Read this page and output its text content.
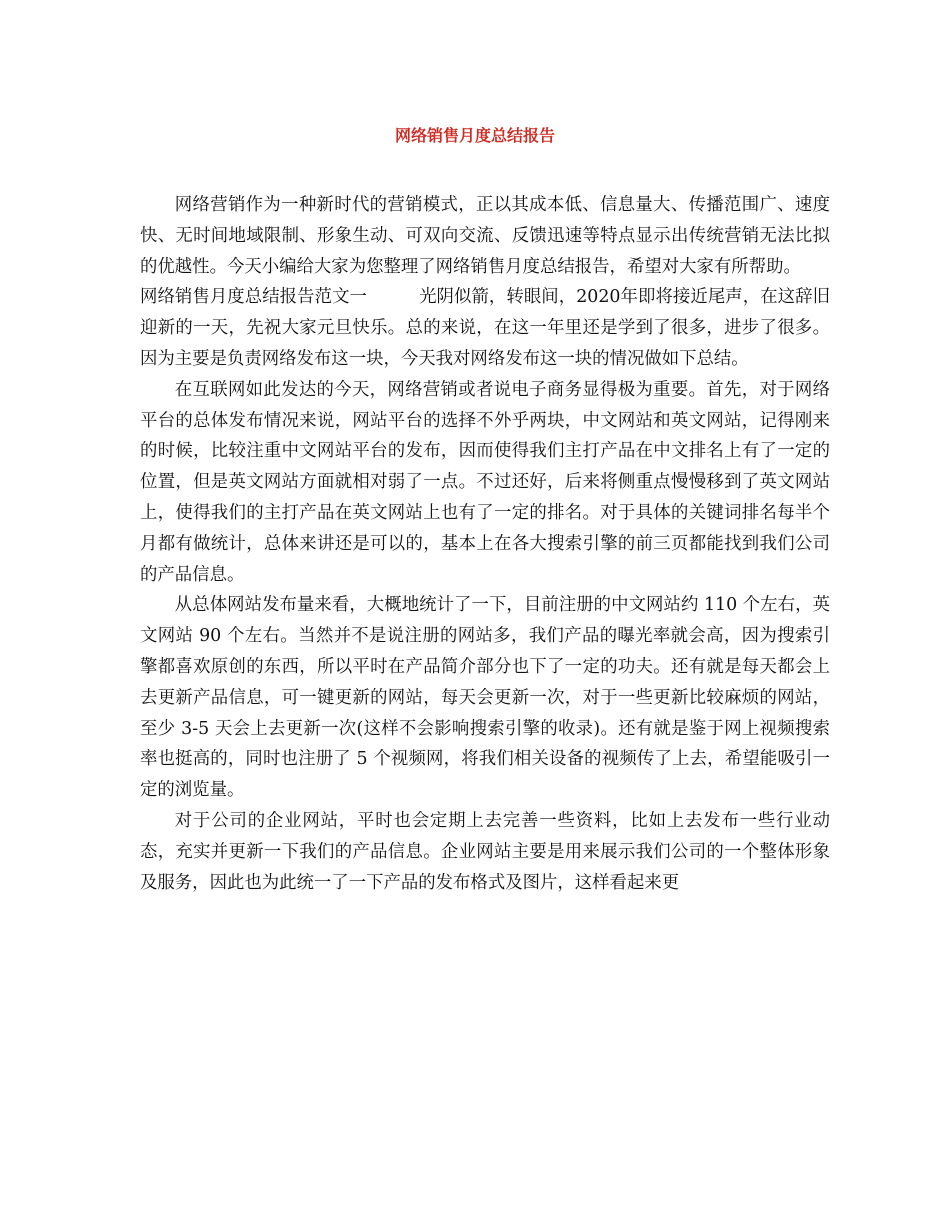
网络销售月度总结报告

网络营销作为一种新时代的营销模式，正以其成本低、信息量大、传播范围广、速度快、无时间地域限制、形象生动、可双向交流、反馈迅速等特点显示出传统营销无法比拟的优越性。今天小编给大家为您整理了网络销售月度总结报告，希望对大家有所帮助。

网络销售月度总结报告范文一	光阴似箭，转眼间，2020年即将接近尾声，在这辞旧迎新的一天，先祝大家元旦快乐。总的来说，在这一年里还是学到了很多，进步了很多。因为主要是负责网络发布这一块，今天我对网络发布这一块的情况做如下总结。

在互联网如此发达的今天，网络营销或者说电子商务显得极为重要。首先，对于网络平台的总体发布情况来说，网站平台的选择不外乎两块，中文网站和英文网站，记得刚来的时候，比较注重中文网站平台的发布，因而使得我们主打产品在中文排名上有了一定的位置，但是英文网站方面就相对弱了一点。不过还好，后来将侧重点慢慢移到了英文网站上，使得我们的主打产品在英文网站上也有了一定的排名。对于具体的关键词排名每半个月都有做统计，总体来讲还是可以的，基本上在各大搜索引擎的前三页都能找到我们公司的产品信息。

从总体网站发布量来看，大概地统计了一下，目前注册的中文网站约 110 个左右，英文网站 90 个左右。当然并不是说注册的网站多，我们产品的曝光率就会高，因为搜索引擎都喜欢原创的东西，所以平时在产品简介部分也下了一定的功夫。还有就是每天都会上去更新产品信息，可一键更新的网站，每天会更新一次，对于一些更新比较麻烦的网站，至少 3-5 天会上去更新一次(这样不会影响搜索引擎的收录)。还有就是鉴于网上视频搜索率也挺高的，同时也注册了 5 个视频网，将我们相关设备的视频传了上去，希望能吸引一定的浏览量。

对于公司的企业网站，平时也会定期上去完善一些资料，比如上去发布一些行业动态，充实并更新一下我们的产品信息。企业网站主要是用来展示我们公司的一个整体形象及服务，因此也为此统一了一下产品的发布格式及图片，这样看起来更
